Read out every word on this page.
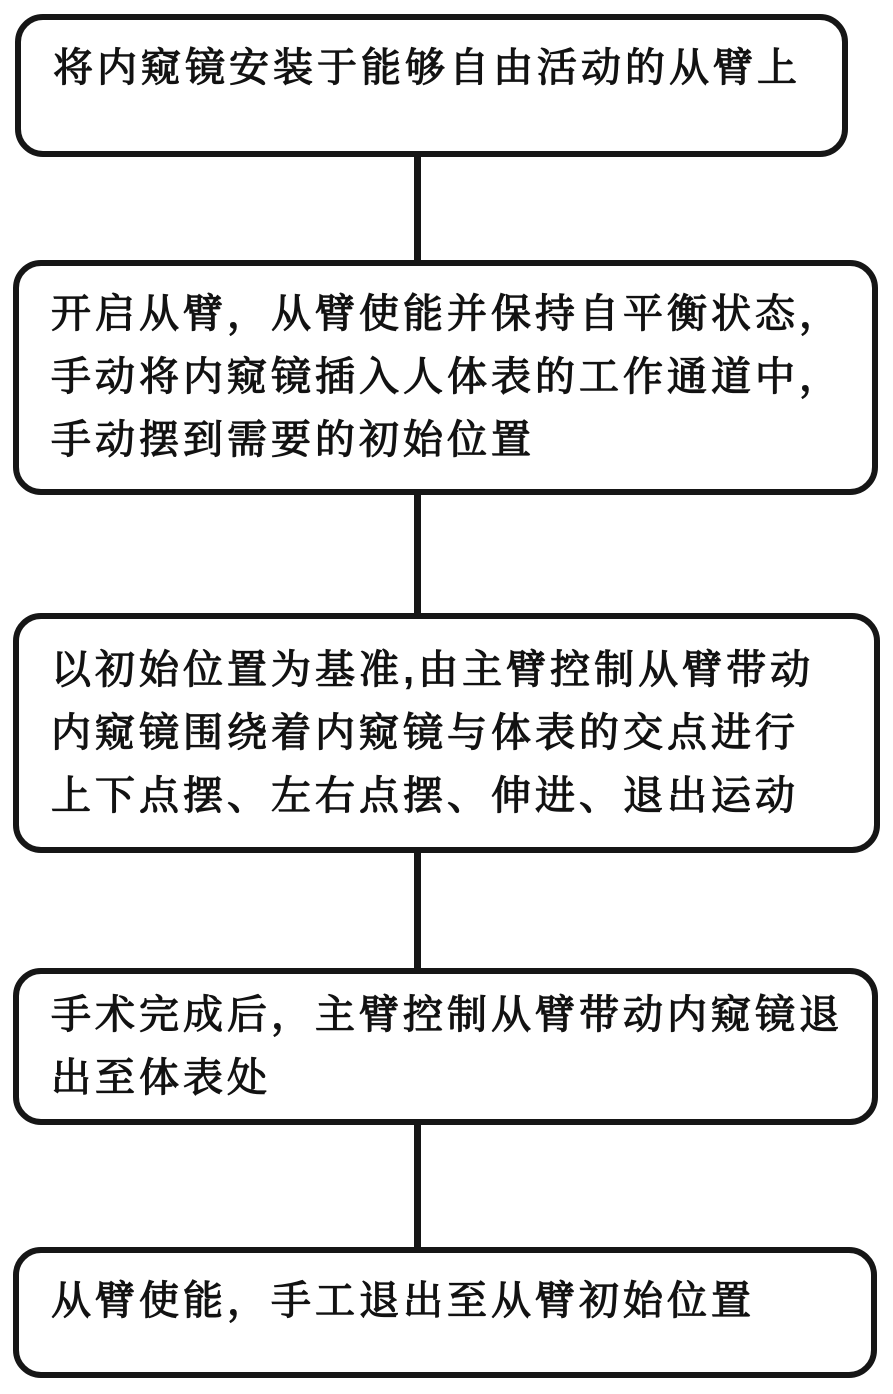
将内窥镜安装于能够自由活动的从臂上
开启从臂，从臂使能并保持自平衡状态，
手动将内窥镜插入人体表的工作通道中，
手动摆到需要的初始位置
以初始位置为基准,由主臂控制从臂带动
内窥镜围绕着内窥镜与体表的交点进行
上下点摆、左右点摆、伸进、退出运动
手术完成后，主臂控制从臂带动内窥镜退
出至体表处
从臂使能，手工退出至从臂初始位置
